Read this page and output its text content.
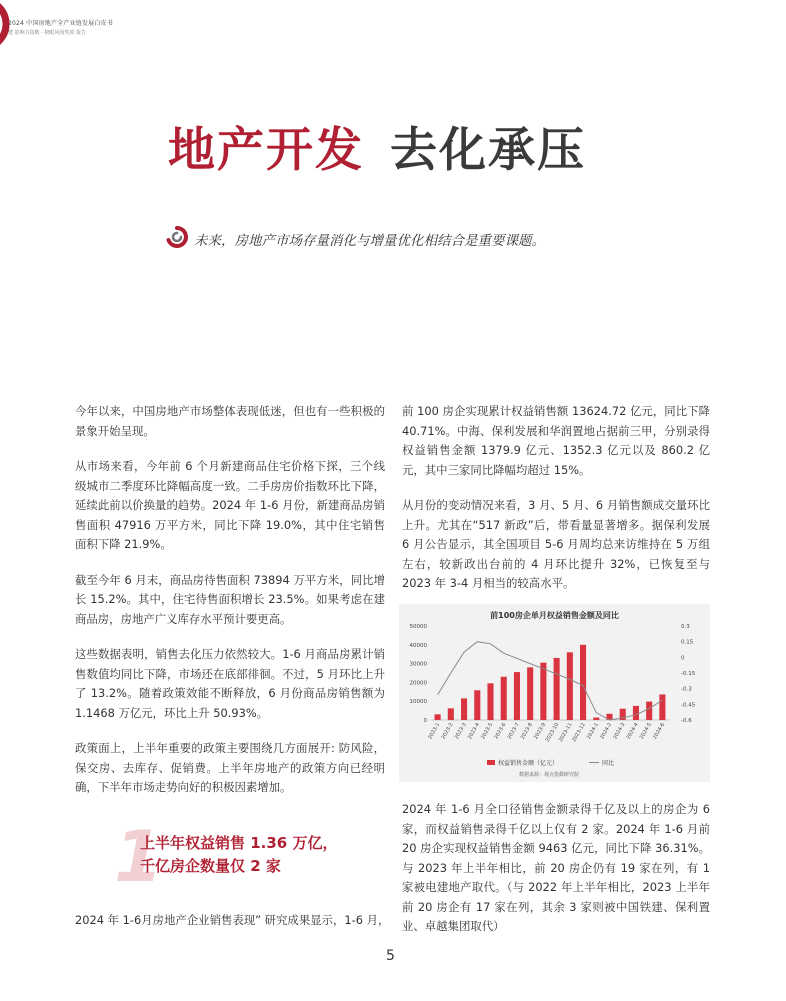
2024 中国房地产全产业链发展白皮书
暨 影响力指数 · 榜眼风尚奖项 报告
地产开发 去化承压
未来，房地产市场存量消化与增量优化相结合是重要课题。

今年以来，中国房地产市场整体表现低迷，但也有一些积极的景象开始呈现。

从市场来看，今年前 6 个月新建商品住宅价格下探，三个线级城市二季度环比降幅高度一致。二手房房价指数环比下降，延续此前以价换量的趋势。2024 年 1-6 月份，新建商品房销售面积 47916 万平方米，同比下降 19.0%，其中住宅销售面积下降 21.9%。

截至今年 6 月末，商品房待售面积 73894 万平方米，同比增长 15.2%。其中，住宅待售面积增长 23.5%。如果考虑在建商品房，房地产广义库存水平预计要更高。

这些数据表明，销售去化压力依然较大。1-6 月商品房累计销售数值均同比下降，市场还在底部徘徊。不过，5 月环比上升了 13.2%。随着政策效能不断释放，6 月份商品房销售额为 1.1468 万亿元，环比上升 50.93%。

政策面上，上半年重要的政策主要围绕几方面展开: 防风险，保交房、去库存、促销费。上半年房地产的政策方向已经明确，下半年市场走势向好的积极因素增加。

1
上半年权益销售 1.36 万亿，
千亿房企数量仅 2 家
2024 年 1-6月房地产企业销售表现” 研究成果显示，1-6 月，

前 100 房企实现累计权益销售额 13624.72 亿元，同比下降 40.71%。中海、保利发展和华润置地占据前三甲，分别录得权益销售金额 1379.9 亿元、1352.3 亿元以及 860.2 亿元，其中三家同比降幅均超过 15%。

从月份的变动情况来看，3 月、5 月、6 月销售额成交量环比上升。尤其在“517 新政”后，带看量显著增多。据保利发展 6 月公告显示，其全国项目 5-6 月周均总来访维持在 5 万组左右，较新政出台前的 4 月环比提升 32%，已恢复至与 2023 年 3-4 月相当的较高水平。

前100房企单月权益销售金额及同比
0
10000
20000
30000
40000
50000	0.3
0.15
0
-0.15
-0.3
-0.45
-0.6
2023-1 2023-2 2023-3 2023-4 2023-5 2023-6 2023-7 2023-8 2023-9
2023-10
2023-11
2023-12 2024-1 2024-2 2024-3 2024-4 2024-5 2024-6
权益销售金额（亿元）	同比
数据来源：观点指数研究院

2024 年 1-6 月全口径销售金额录得千亿及以上的房企为 6 家，而权益销售录得千亿以上仅有 2 家。2024 年 1-6 月前 20 房企实现权益销售金额 9463 亿元，同比下降 36.31%。与 2023 年上半年相比，前 20 房企仍有 19 家在列，有 1 家被电建地产取代。（与 2022 年上半年相比，2023 上半年前 20 房企有 17 家在列，其余 3 家则被中国铁建、保利置业、卓越集团取代）

5
